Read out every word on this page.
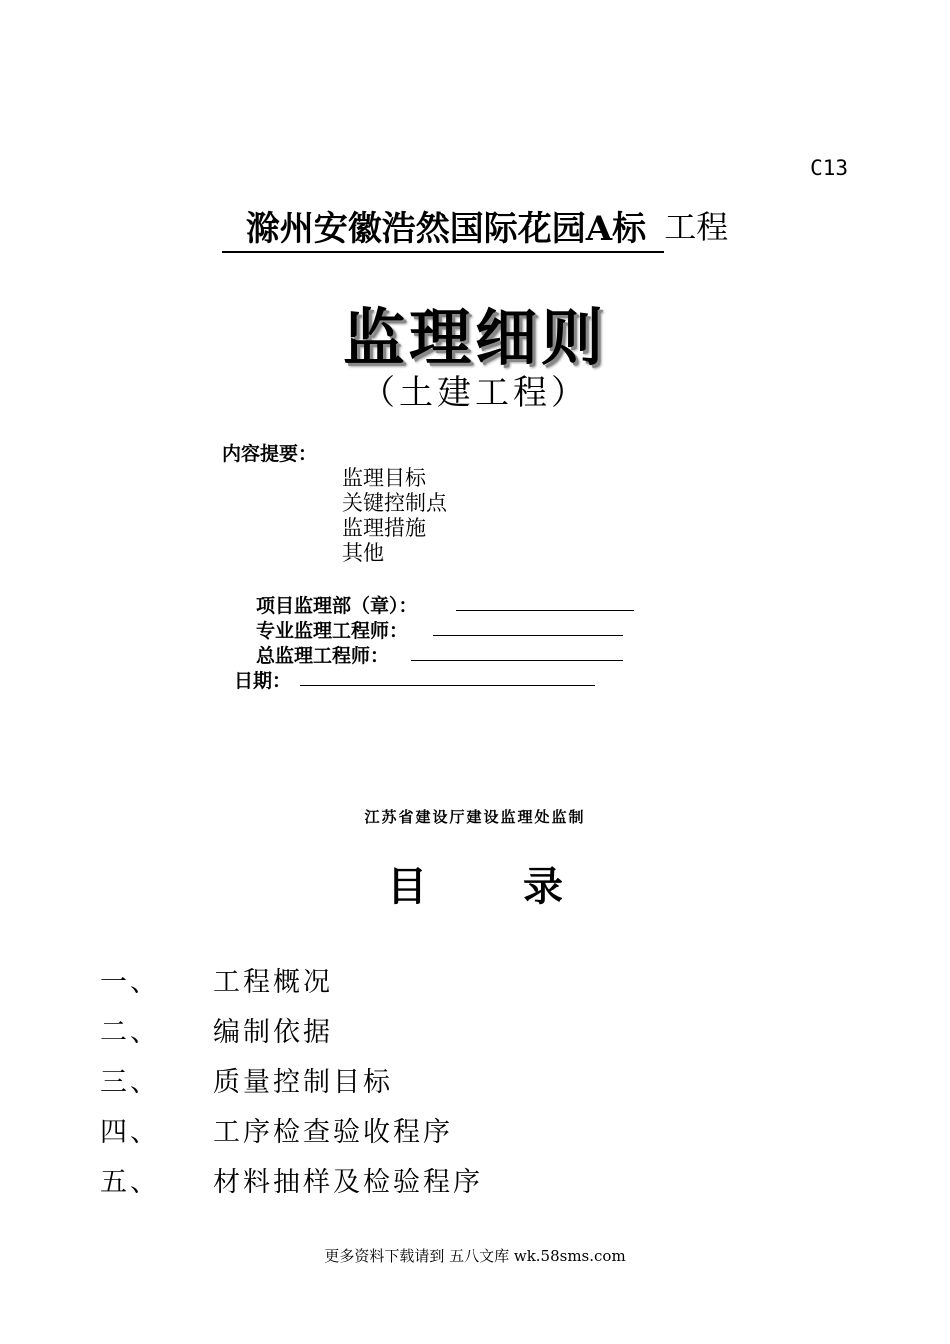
C13
滁州安徽浩然国际花园A标 工程
监理细则
（土建工程）
内容提要：
监理目标
关键控制点
监理措施
其他
项目监理部（章）：
专业监理工程师：
总监理工程师：
日期：
江苏省建设厅建设监理处监制
目 录
一、 工程概况
二、 编制依据
三、 质量控制目标
四、 工序检查验收程序
五、 材料抽样及检验程序
更多资料下载请到 五八文库 wk.58sms.com
